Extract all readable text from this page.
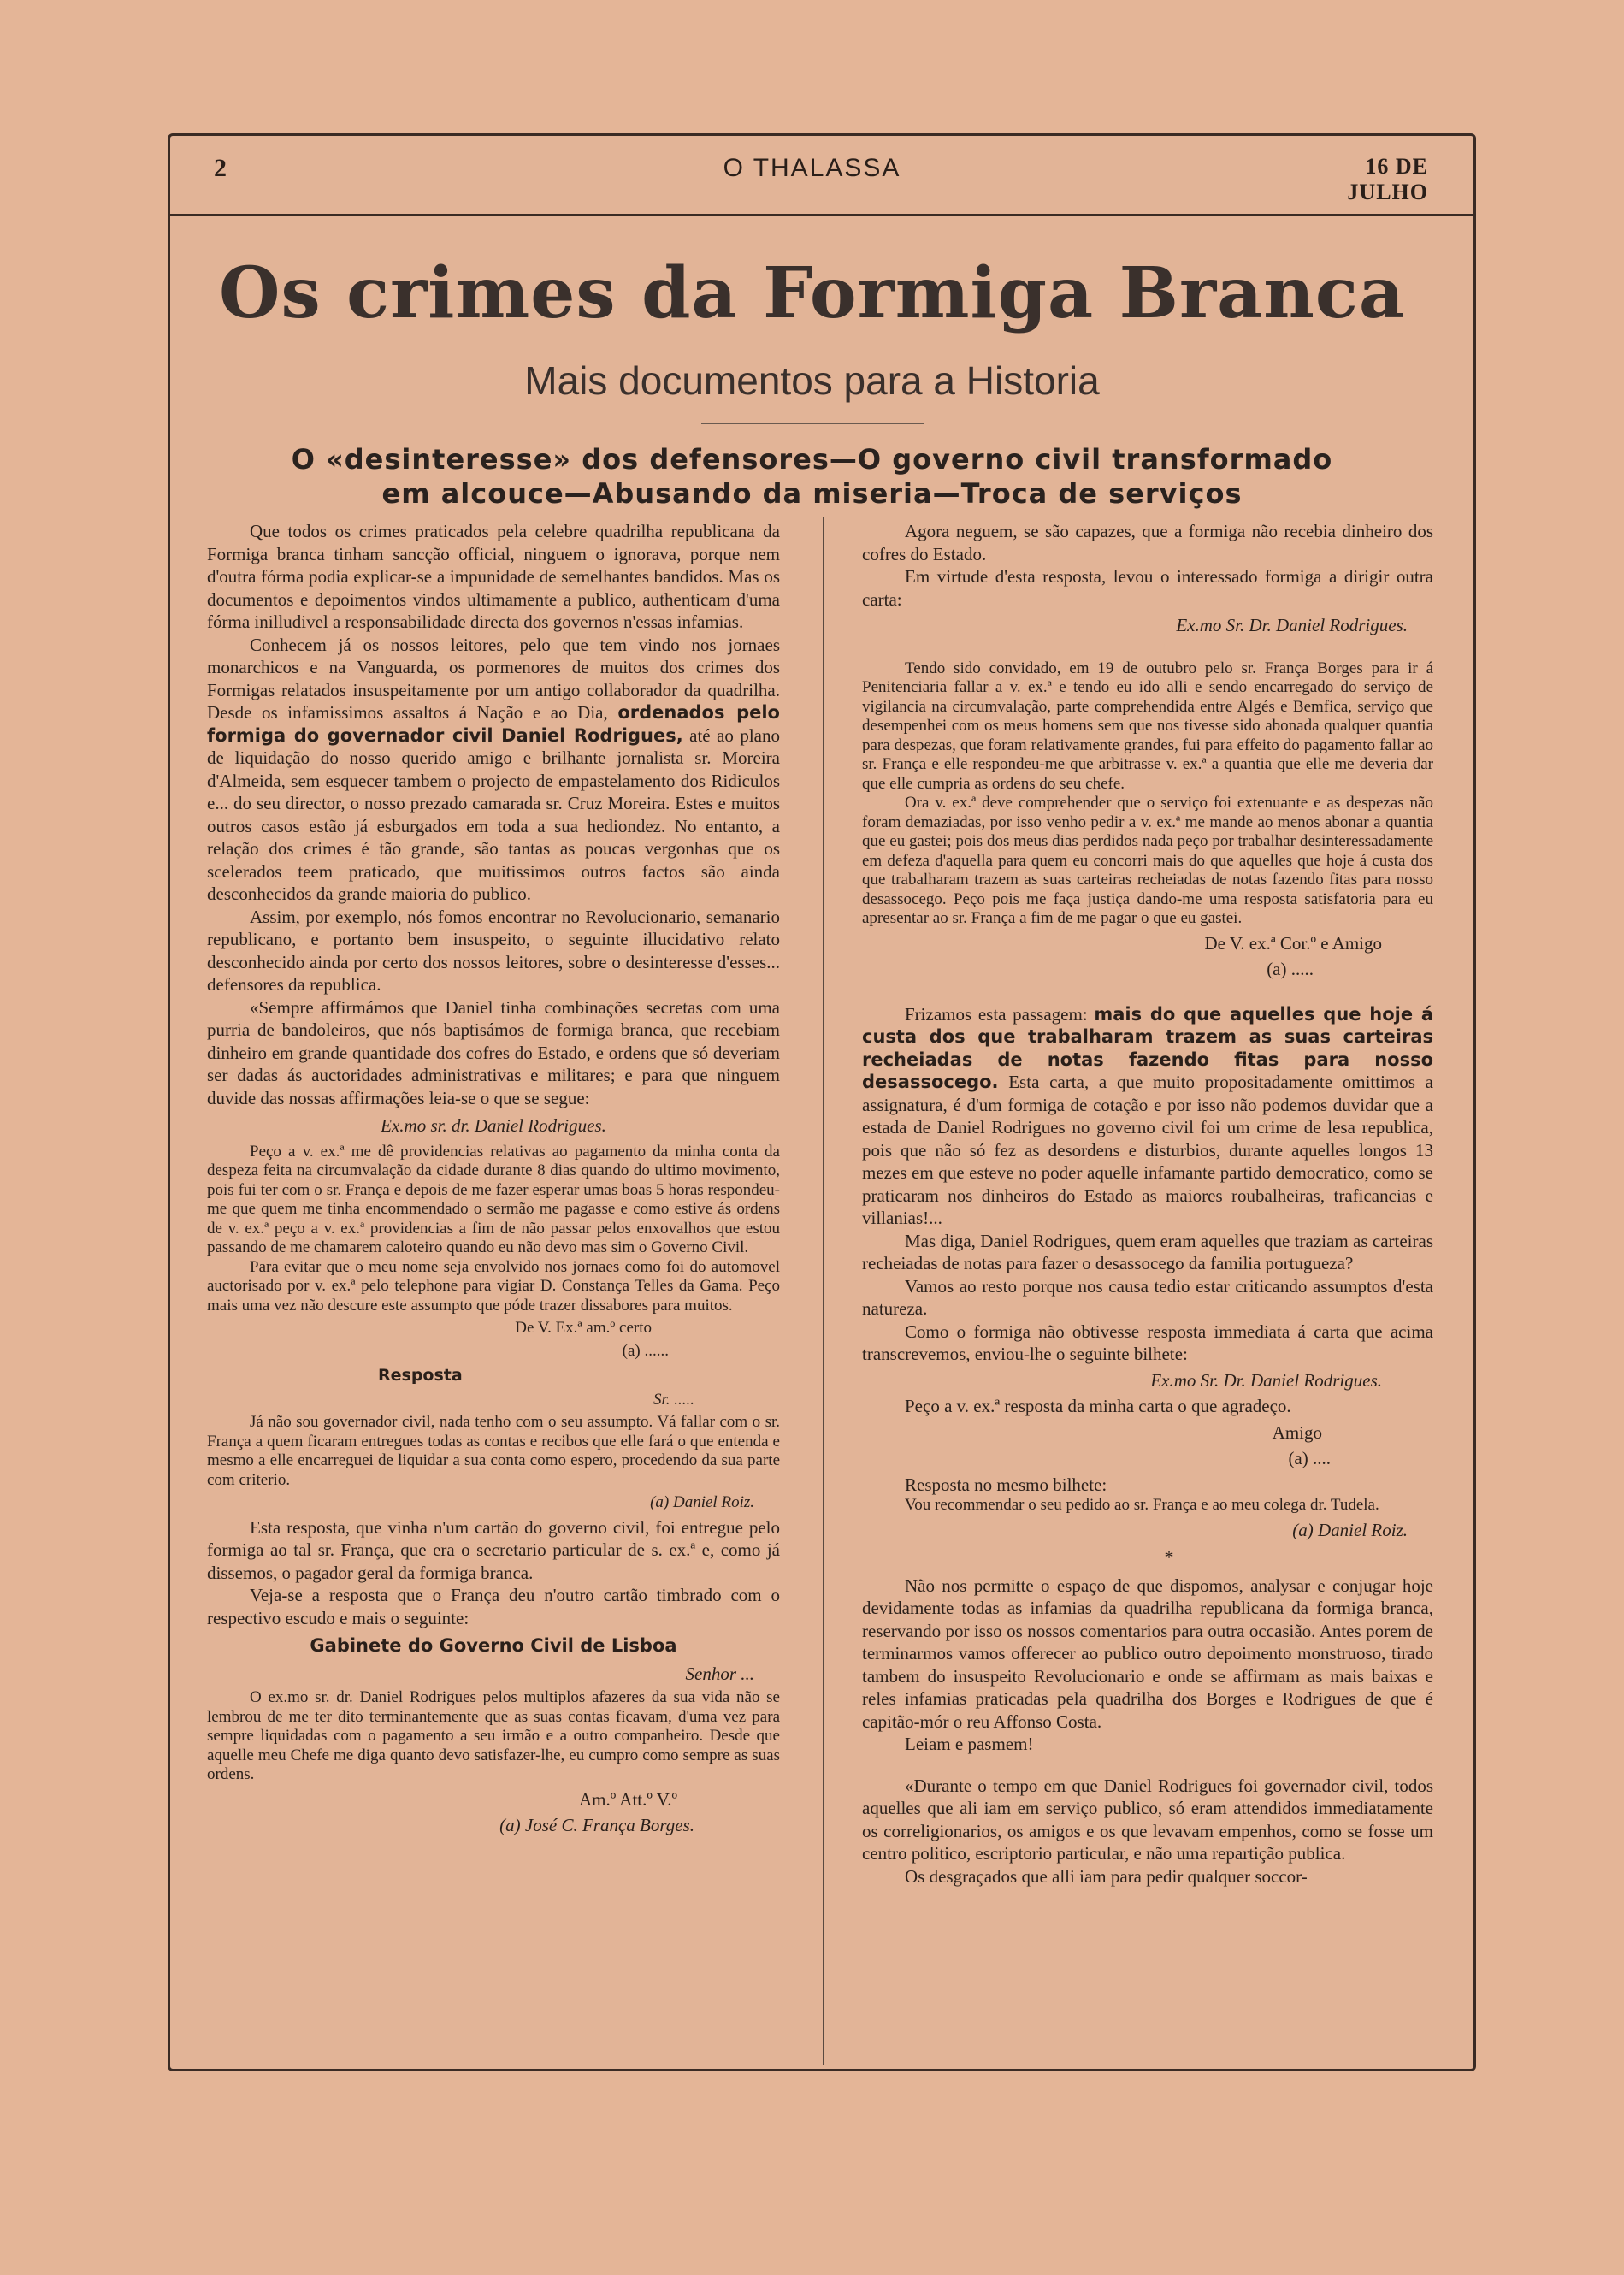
2	O THALASSA	16 DE JULHO
Os crimes da Formiga Branca
Mais documentos para a Historia
O «desinteresse» dos defensores—O governo civil transformado
em alcouce—Abusando da miseria—Troca de serviços

Que todos os crimes praticados pela celebre quadrilha republicana da Formiga branca tinham sancção official, ninguem o ignorava, porque nem d'outra fórma podia explicar-se a impunidade de semelhantes bandidos. Mas os documentos e depoimentos vindos ultimamente a publico, authenticam d'uma fórma inilludivel a responsabilidade directa dos governos n'essas infamias.

Conhecem já os nossos leitores, pelo que tem vindo nos jornaes monarchicos e na Vanguarda, os pormenores de muitos dos crimes dos Formigas relatados insuspeitamente por um antigo collaborador da quadrilha. Desde os infamissimos assaltos á Nação e ao Dia, ordenados pelo formiga do governador civil Daniel Rodrigues, até ao plano de liquidação do nosso querido amigo e brilhante jornalista sr. Moreira d'Almeida, sem esquecer tambem o projecto de empastelamento dos Ridiculos e... do seu director, o nosso prezado camarada sr. Cruz Moreira. Estes e muitos outros casos estão já esburgados em toda a sua hediondez. No entanto, a relação dos crimes é tão grande, são tantas as poucas vergonhas que os scelerados teem praticado, que muitissimos outros factos são ainda desconhecidos da grande maioria do publico.

Assim, por exemplo, nós fomos encontrar no Revolucionario, semanario republicano, e portanto bem insuspeito, o seguinte illucidativo relato desconhecido ainda por certo dos nossos leitores, sobre o desinteresse d'esses... defensores da republica.

«Sempre affirmámos que Daniel tinha combinações secretas com uma purria de bandoleiros, que nós baptisámos de formiga branca, que recebiam dinheiro em grande quantidade dos cofres do Estado, e ordens que só deveriam ser dadas ás auctoridades administrativas e militares; e para que ninguem duvide das nossas affirmações leia-se o que se segue:

Ex.mo sr. dr. Daniel Rodrigues.

Peço a v. ex.ª me dê providencias relativas ao pagamento da minha conta da despeza feita na circumvalação da cidade durante 8 dias quando do ultimo movimento, pois fui ter com o sr. França e depois de me fazer esperar umas boas 5 horas respondeu-me que quem me tinha encommendado o sermão me pagasse e como estive ás ordens de v. ex.ª peço a v. ex.ª providencias a fim de não passar pelos enxovalhos que estou passando de me chamarem caloteiro quando eu não devo mas sim o Governo Civil.

Para evitar que o meu nome seja envolvido nos jornaes como foi do automovel auctorisado por v. ex.ª pelo telephone para vigiar D. Constança Telles da Gama. Peço mais uma vez não descure este assumpto que póde trazer dissabores para muitos.

De V. Ex.ª am.º certo

(a) ......

Resposta

Sr. .....

Já não sou governador civil, nada tenho com o seu assumpto. Vá fallar com o sr. França a quem ficaram entregues todas as contas e recibos que elle fará o que entenda e mesmo a elle encarreguei de liquidar a sua conta como espero, procedendo da sua parte com criterio.

(a) Daniel Roiz.

Esta resposta, que vinha n'um cartão do governo civil, foi entregue pelo formiga ao tal sr. França, que era o secretario particular de s. ex.ª e, como já dissemos, o pagador geral da formiga branca.

Veja-se a resposta que o França deu n'outro cartão timbrado com o respectivo escudo e mais o seguinte:

Gabinete do Governo Civil de Lisboa

Senhor ...

O ex.mo sr. dr. Daniel Rodrigues pelos multiplos afazeres da sua vida não se lembrou de me ter dito terminantemente que as suas contas ficavam, d'uma vez para sempre liquidadas com o pagamento a seu irmão e a outro companheiro. Desde que aquelle meu Chefe me diga quanto devo satisfazer-lhe, eu cumpro como sempre as suas ordens.

Am.º Att.º V.º

(a) José C. França Borges.

Agora neguem, se são capazes, que a formiga não recebia dinheiro dos cofres do Estado.

Em virtude d'esta resposta, levou o interessado formiga a dirigir outra carta:

Ex.mo Sr. Dr. Daniel Rodrigues.

Tendo sido convidado, em 19 de outubro pelo sr. França Borges para ir á Penitenciaria fallar a v. ex.ª e tendo eu ido alli e sendo encarregado do serviço de vigilancia na circumvalação, parte comprehendida entre Algés e Bemfica, serviço que desempenhei com os meus homens sem que nos tivesse sido abonada qualquer quantia para despezas, que foram relativamente grandes, fui para effeito do pagamento fallar ao sr. França e elle respondeu-me que arbitrasse v. ex.ª a quantia que elle me deveria dar que elle cumpria as ordens do seu chefe.

Ora v. ex.ª deve comprehender que o serviço foi extenuante e as despezas não foram demaziadas, por isso venho pedir a v. ex.ª me mande ao menos abonar a quantia que eu gastei; pois dos meus dias perdidos nada peço por trabalhar desinteressadamente em defeza d'aquella para quem eu concorri mais do que aquelles que hoje á custa dos que trabalharam trazem as suas carteiras recheiadas de notas fazendo fitas para nosso desassocego. Peço pois me faça justiça dando-me uma resposta satisfatoria para eu apresentar ao sr. França a fim de me pagar o que eu gastei.

De V. ex.ª Cor.º e Amigo

(a) .....

Frizamos esta passagem: mais do que aquelles que hoje á custa dos que trabalharam trazem as suas carteiras recheiadas de notas fazendo fitas para nosso desassocego. Esta carta, a que muito propositadamente omittimos a assignatura, é d'um formiga de cotação e por isso não podemos duvidar que a estada de Daniel Rodrigues no governo civil foi um crime de lesa republica, pois que não só fez as desordens e disturbios, durante aquelles longos 13 mezes em que esteve no poder aquelle infamante partido democratico, como se praticaram nos dinheiros do Estado as maiores roubalheiras, traficancias e villanias!...

Mas diga, Daniel Rodrigues, quem eram aquelles que traziam as carteiras recheiadas de notas para fazer o desassocego da familia portugueza?

Vamos ao resto porque nos causa tedio estar criticando assumptos d'esta natureza.

Como o formiga não obtivesse resposta immediata á carta que acima transcrevemos, enviou-lhe o seguinte bilhete:

Ex.mo Sr. Dr. Daniel Rodrigues.

Peço a v. ex.ª resposta da minha carta o que agradeço.

Amigo

(a) ....

Resposta no mesmo bilhete:

Vou recommendar o seu pedido ao sr. França e ao meu colega dr. Tudela.

(a) Daniel Roiz.

*

Não nos permitte o espaço de que dispomos, analysar e conjugar hoje devidamente todas as infamias da quadrilha republicana da formiga branca, reservando por isso os nossos comentarios para outra occasião. Antes porem de terminarmos vamos offerecer ao publico outro depoimento monstruoso, tirado tambem do insuspeito Revolucionario e onde se affirmam as mais baixas e reles infamias praticadas pela quadrilha dos Borges e Rodrigues de que é capitão-mór o reu Affonso Costa.

Leiam e pasmem!

«Durante o tempo em que Daniel Rodrigues foi governador civil, todos aquelles que ali iam em serviço publico, só eram attendidos immediatamente os correligionarios, os amigos e os que levavam empenhos, como se fosse um centro politico, escriptorio particular, e não uma repartição publica.

Os desgraçados que alli iam para pedir qualquer soccor-
